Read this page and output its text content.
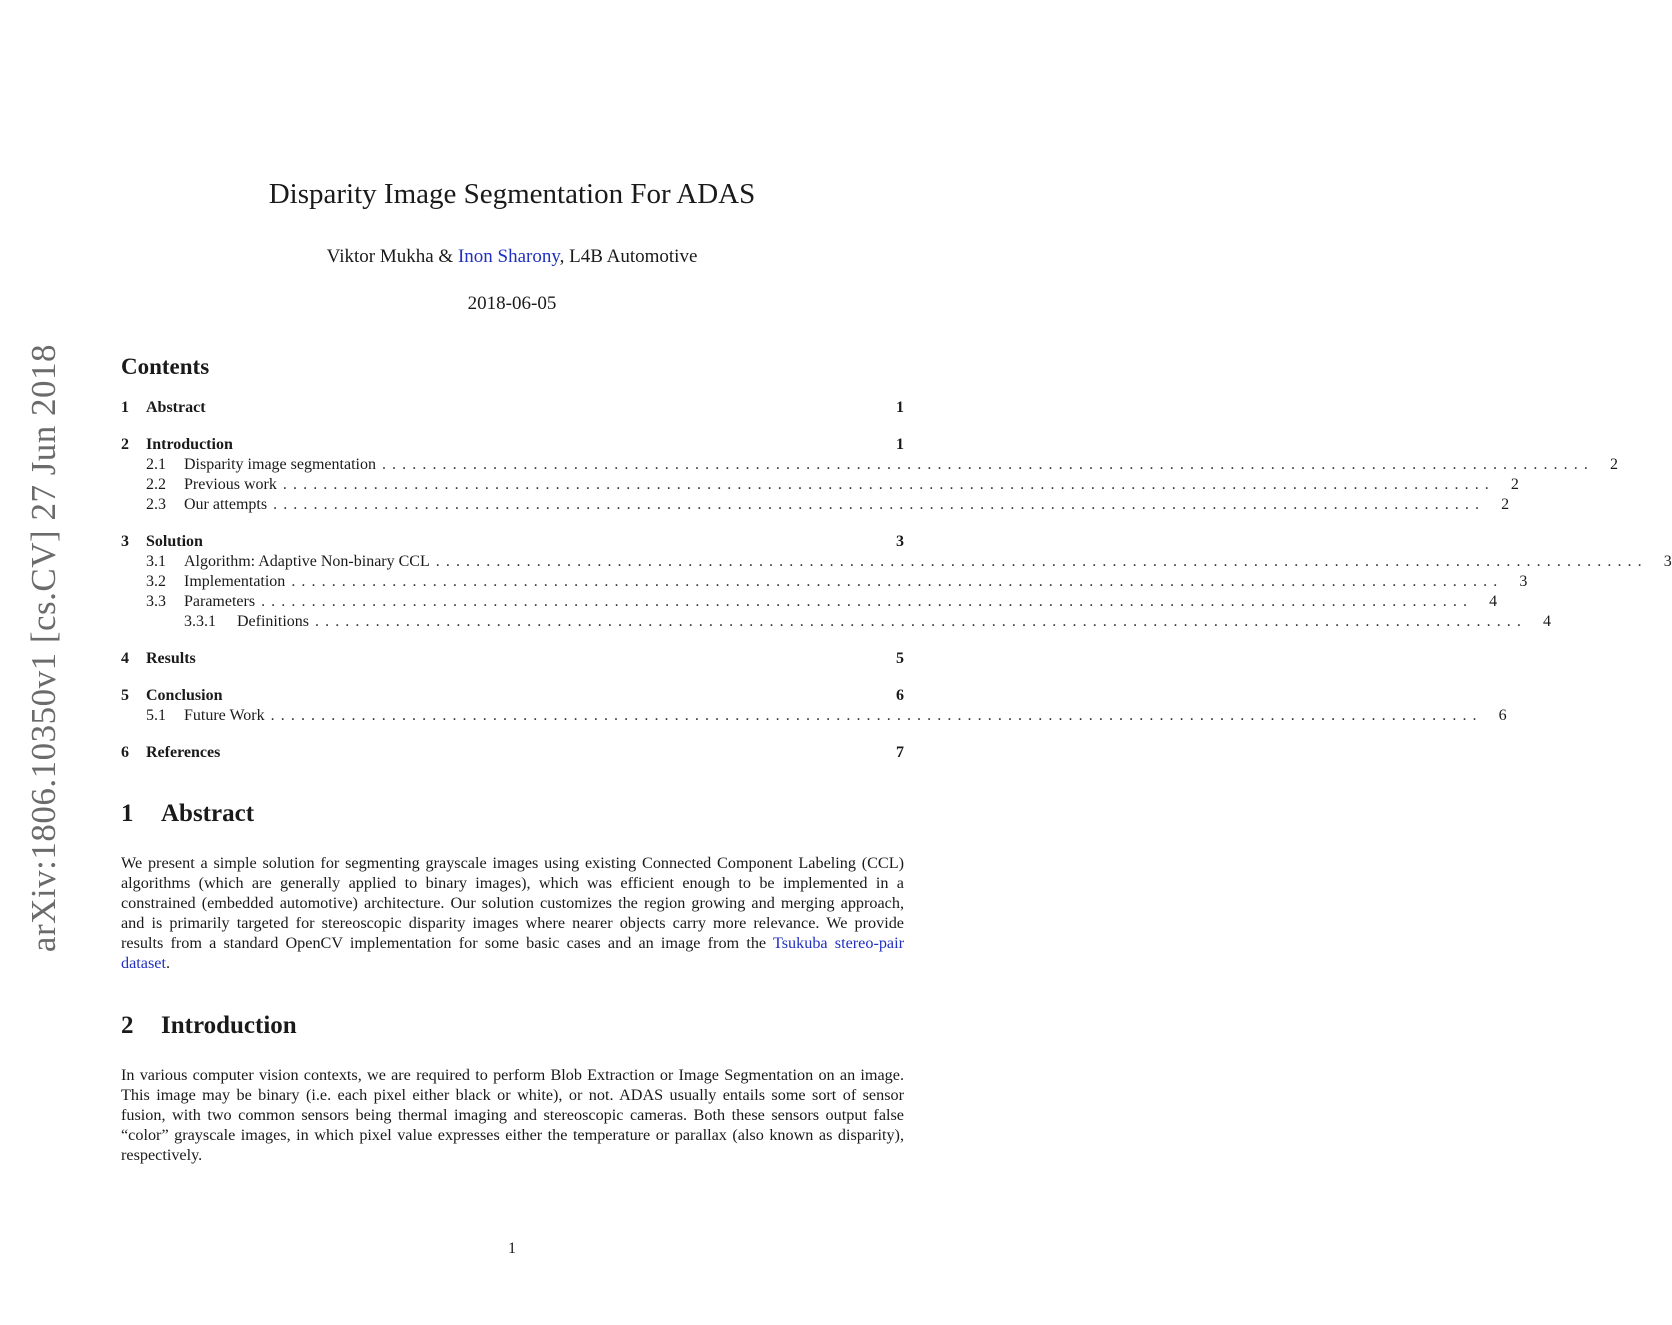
arXiv:1806.10350v1 [cs.CV] 27 Jun 2018
Disparity Image Segmentation For ADAS
Viktor Mukha & Inon Sharony, L4B Automotive
2018-06-05
Contents
1	Abstract	1
2	Introduction	1
2.1	Disparity image segmentation ........................................................................................................................	2
2.2	Previous work ........................................................................................................................	2
2.3	Our attempts ........................................................................................................................	2
3	Solution	3
3.1	Algorithm: Adaptive Non-binary CCL ........................................................................................................................	3
3.2	Implementation ........................................................................................................................	3
3.3	Parameters ........................................................................................................................	4
3.3.1	Definitions ........................................................................................................................	4
4	Results	5
5	Conclusion	6
5.1	Future Work ........................................................................................................................	6
6	References	7
1 Abstract
We present a simple solution for segmenting grayscale images using existing Connected Component Labeling (CCL) algorithms (which are generally applied to binary images), which was efficient enough to be implemented in a constrained (embedded automotive) architecture. Our solution customizes the region growing and merging approach, and is primarily targeted for stereoscopic disparity images where nearer objects carry more relevance. We provide results from a standard OpenCV implementation for some basic cases and an image from the Tsukuba stereo-pair dataset.
2 Introduction
In various computer vision contexts, we are required to perform Blob Extraction or Image Segmentation on an image. This image may be binary (i.e. each pixel either black or white), or not. ADAS usually entails some sort of sensor fusion, with two common sensors being thermal imaging and stereoscopic cameras. Both these sensors output false “color” grayscale images, in which pixel value expresses either the temperature or parallax (also known as disparity), respectively.
1
